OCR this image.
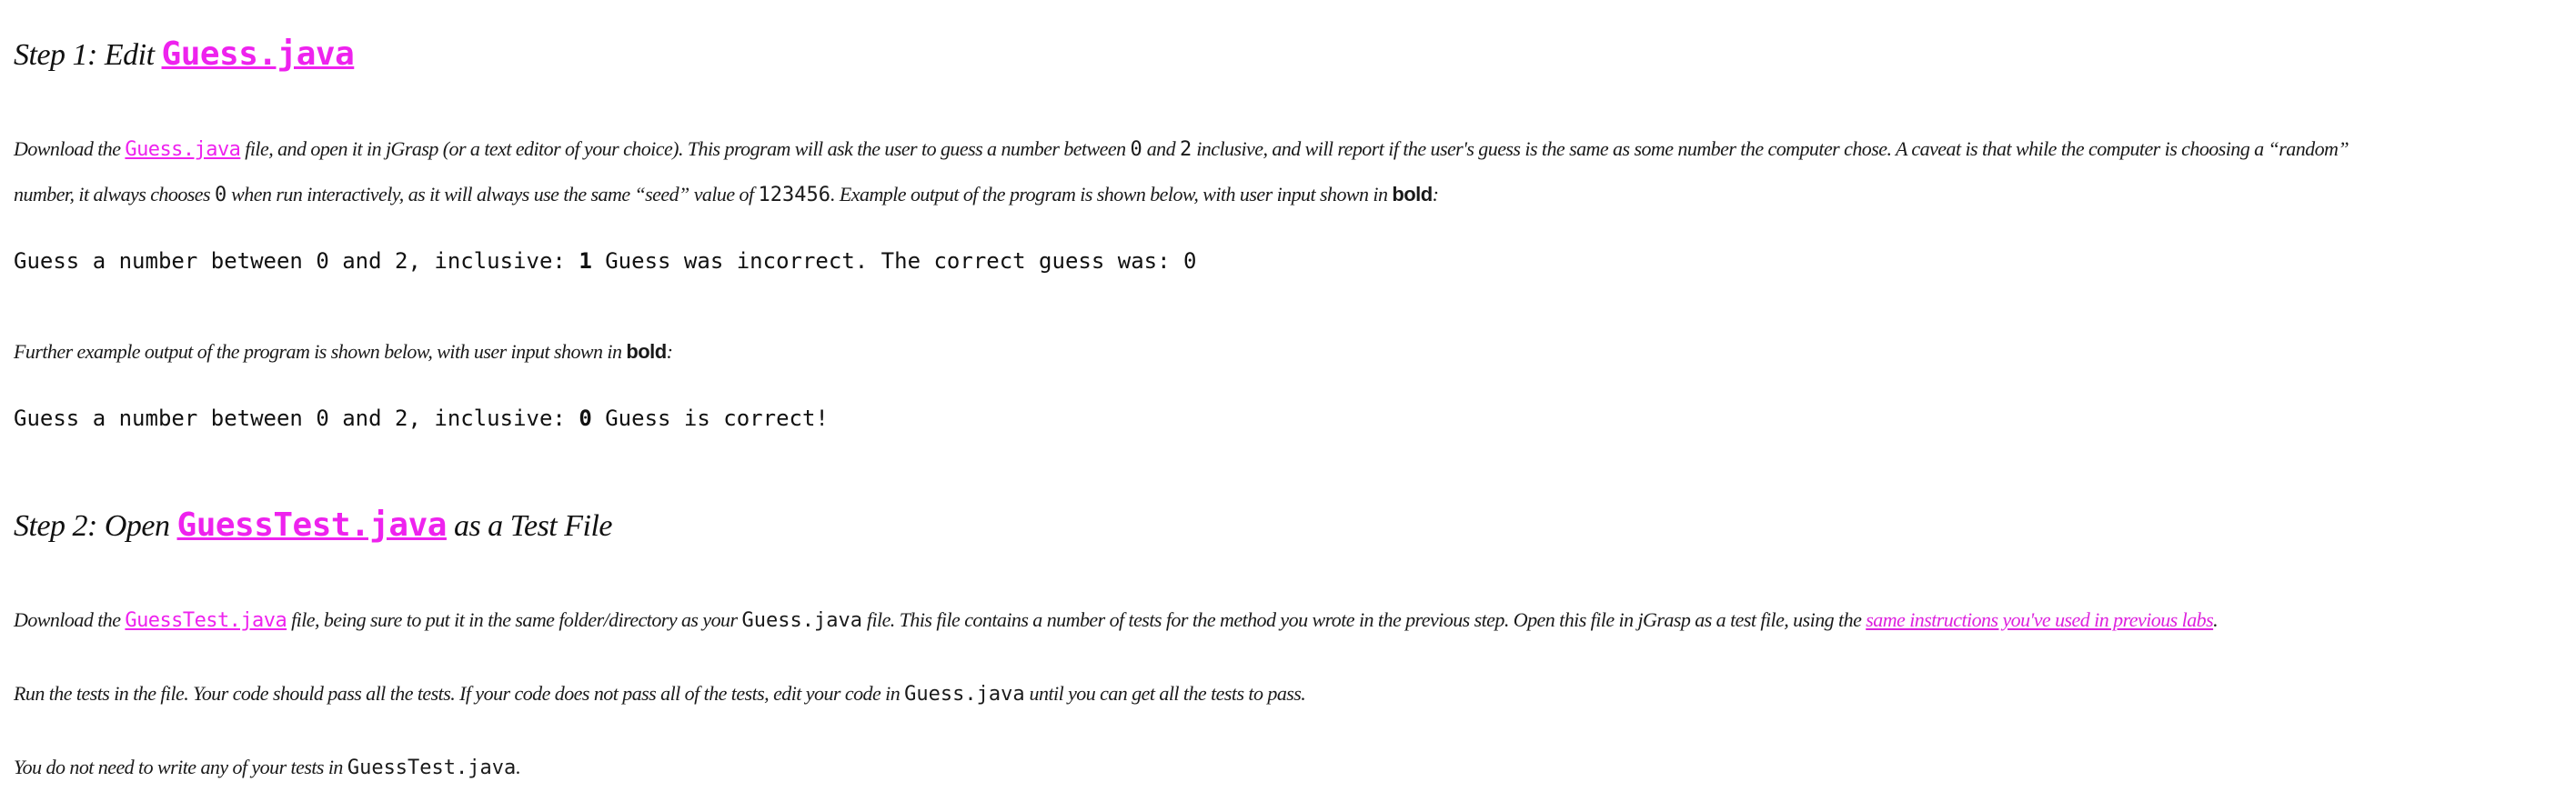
Step 1: Edit Guess.java
Download the Guess.java file, and open it in jGrasp (or a text editor of your choice). This program will ask the user to guess a number between 0 and 2 inclusive, and will report if the user's guess is the same as some number the computer chose. A caveat is that while the computer is choosing a “random”
number, it always chooses 0 when run interactively, as it will always use the same “seed” value of 123456. Example output of the program is shown below, with user input shown in bold:
Guess a number between 0 and 2, inclusive: 1 Guess was incorrect. The correct guess was: 0
Further example output of the program is shown below, with user input shown in bold:
Guess a number between 0 and 2, inclusive: 0 Guess is correct!
Step 2: Open GuessTest.java as a Test File
Download the GuessTest.java file, being sure to put it in the same folder/directory as your Guess.java file. This file contains a number of tests for the method you wrote in the previous step. Open this file in jGrasp as a test file, using the same instructions you've used in previous labs.
Run the tests in the file. Your code should pass all the tests. If your code does not pass all of the tests, edit your code in Guess.java until you can get all the tests to pass.
You do not need to write any of your tests in GuessTest.java.
